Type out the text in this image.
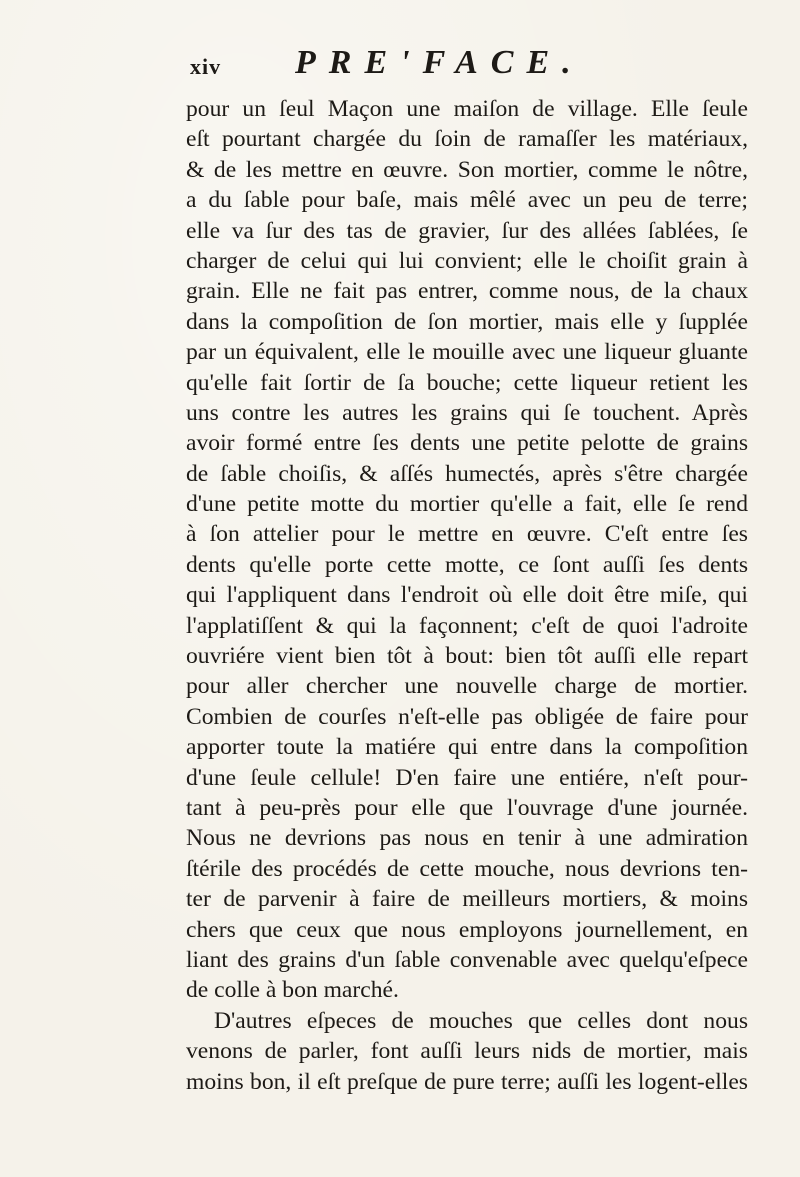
xiv PRE'FACE.
pour un ſeul Maçon une maiſon de village. Elle ſeule
eſt pourtant chargée du ſoin de ramaſſer les matériaux,
& de les mettre en œuvre. Son mortier, comme le nôtre,
a du ſable pour baſe, mais mêlé avec un peu de terre;
elle va ſur des tas de gravier, ſur des allées ſablées, ſe
charger de celui qui lui convient; elle le choiſit grain à
grain. Elle ne fait pas entrer, comme nous, de la chaux
dans la compoſition de ſon mortier, mais elle y ſupplée
par un équivalent, elle le mouille avec une liqueur gluante
qu'elle fait ſortir de ſa bouche; cette liqueur retient les
uns contre les autres les grains qui ſe touchent. Après
avoir formé entre ſes dents une petite pelotte de grains
de ſable choiſis, & aſſés humectés, après s'être chargée
d'une petite motte du mortier qu'elle a fait, elle ſe rend
à ſon attelier pour le mettre en œuvre. C'eſt entre ſes
dents qu'elle porte cette motte, ce ſont auſſi ſes dents
qui l'appliquent dans l'endroit où elle doit être miſe, qui
l'applatiſſent & qui la façonnent; c'eſt de quoi l'adroite
ouvriére vient bien tôt à bout: bien tôt auſſi elle repart
pour aller chercher une nouvelle charge de mortier.
Combien de courſes n'eſt-elle pas obligée de faire pour
apporter toute la matiére qui entre dans la compoſition
d'une ſeule cellule! D'en faire une entiére, n'eſt pour-
tant à peu-près pour elle que l'ouvrage d'une journée.
Nous ne devrions pas nous en tenir à une admiration
ſtérile des procédés de cette mouche, nous devrions ten-
ter de parvenir à faire de meilleurs mortiers, & moins
chers que ceux que nous employons journellement, en
liant des grains d'un ſable convenable avec quelqu'eſpece
de colle à bon marché.
D'autres eſpeces de mouches que celles dont nous
venons de parler, font auſſi leurs nids de mortier, mais
moins bon, il eſt preſque de pure terre; auſſi les logent-elles
